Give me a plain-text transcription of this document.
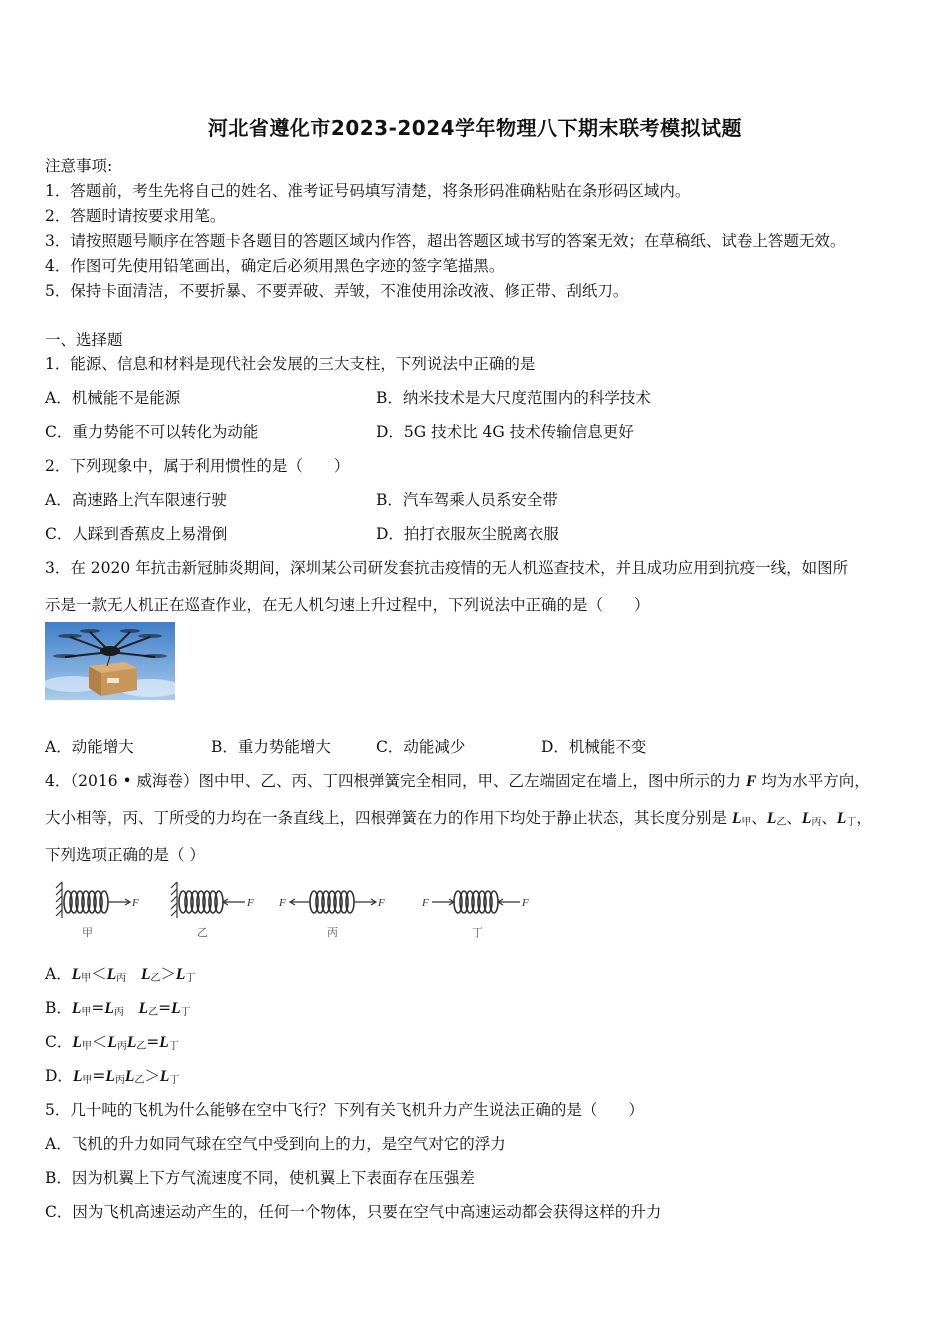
河北省遵化市2023-2024学年物理八下期末联考模拟试题
注意事项:
1．答题前，考生先将自己的姓名、准考证号码填写清楚，将条形码准确粘贴在条形码区域内。
2．答题时请按要求用笔。
3．请按照题号顺序在答题卡各题目的答题区域内作答，超出答题区域书写的答案无效；在草稿纸、试卷上答题无效。
4．作图可先使用铅笔画出，确定后必须用黑色字迹的签字笔描黑。
5．保持卡面清洁，不要折暴、不要弄破、弄皱，不准使用涂改液、修正带、刮纸刀。
一、选择题
1．能源、信息和材料是现代社会发展的三大支柱，下列说法中正确的是
A．机械能不是能源	B．纳米技术是大尺度范围内的科学技术
C．重力势能不可以转化为动能	D．5G 技术比 4G 技术传输信息更好
2．下列现象中，属于利用惯性的是（　　）
A．高速路上汽车限速行驶	B．汽车驾乘人员系安全带
C．人踩到香蕉皮上易滑倒	D．拍打衣服灰尘脱离衣服
3．在 2020 年抗击新冠肺炎期间，深圳某公司研发套抗击疫情的无人机巡查技术，并且成功应用到抗疫一线，如图所
示是一款无人机正在巡查作业，在无人机匀速上升过程中，下列说法中正确的是（　　）
A．动能增大	B．重力势能增大	C．动能减少	D．机械能不变
4．（2016 • 威海卷）图中甲、乙、丙、丁四根弹簧完全相同，甲、乙左端固定在墙上，图中所示的力 F 均为水平方向，
大小相等，丙、丁所受的力均在一条直线上，四根弹簧在力的作用下均处于静止状态，其长度分别是 $L_甲$、$L_乙$、$L_丙$、$L_丁$，
下列选项正确的是（ ）
F	F F	F	F	F
甲	乙	丙	丁
A．$L_甲<L_丙$ $L_乙>L_丁$
B．$L_甲=L_丙$ $L_乙=L_丁$
C．$L_甲<L_丙L_乙=L_丁$
D．$L_甲=L_丙L_乙>L_丁$
5．几十吨的飞机为什么能够在空中飞行？下列有关飞机升力产生说法正确的是（　　）
A．飞机的升力如同气球在空气中受到向上的力，是空气对它的浮力
B．因为机翼上下方气流速度不同，使机翼上下表面存在压强差
C．因为飞机高速运动产生的，任何一个物体，只要在空气中高速运动都会获得这样的升力
